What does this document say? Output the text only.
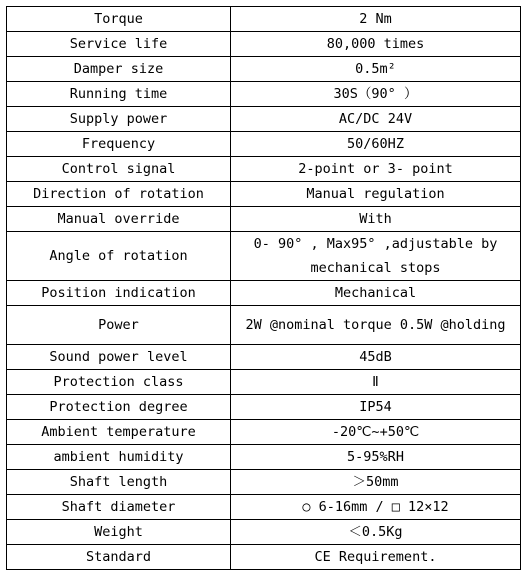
Torque	2 Nm
Service life	80,000 times
Damper size	0.5m²
Running time	30S（90° ）
Supply power	AC/DC 24V
Frequency	50/60HZ
Control signal	2-point or 3- point
Direction of rotation	Manual regulation
Manual override	With
Angle of rotation	0- 90° , Max95° ,adjustable by mechanical stops
Position indication	Mechanical
Power	2W @nominal torque 0.5W @holding
Sound power level	45dB
Protection class	Ⅱ
Protection degree	IP54
Ambient temperature	-20℃~+50℃
ambient humidity	5-95%RH
Shaft length	＞50mm
Shaft diameter	○ 6-16mm / □ 12×12
Weight	＜0.5Kg
Standard	CE Requirement.
